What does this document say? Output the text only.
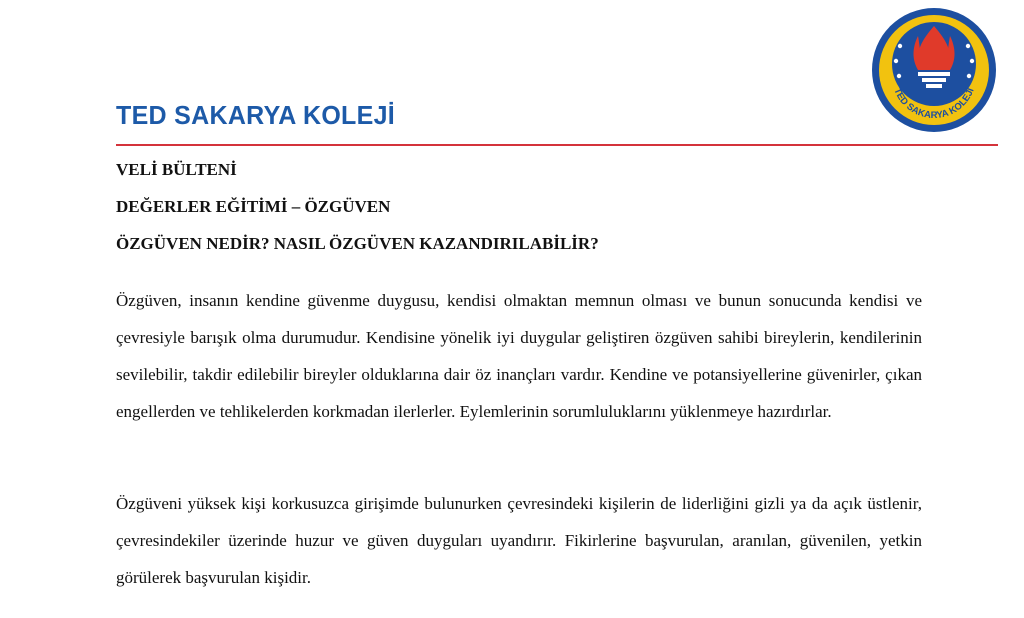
TED SAKARYA KOLEJİ
TED SAKARYA KOLEJİ
VELİ BÜLTENİ
DEĞERLER EĞİTİMİ – ÖZGÜVEN
ÖZGÜVEN NEDİR? NASIL ÖZGÜVEN KAZANDIRILABİLİR?
Özgüven, insanın kendine güvenme duygusu, kendisi olmaktan memnun olması ve bunun sonucunda kendisi ve çevresiyle barışık olma durumudur. Kendisine yönelik iyi duygular geliştiren özgüven sahibi bireylerin, kendilerinin sevilebilir, takdir edilebilir bireyler olduklarına dair öz inançları vardır. Kendine ve potansiyellerine güvenirler, çıkan engellerden ve tehlikelerden korkmadan ilerlerler. Eylemlerinin sorumluluklarını yüklenmeye hazırdırlar.
Özgüveni yüksek kişi korkusuzca girişimde bulunurken çevresindeki kişilerin de liderliğini gizli ya da açık üstlenir, çevresindekiler üzerinde huzur ve güven duyguları uyandırır. Fikirlerine başvurulan, aranılan, güvenilen, yetkin görülerek başvurulan kişidir.
